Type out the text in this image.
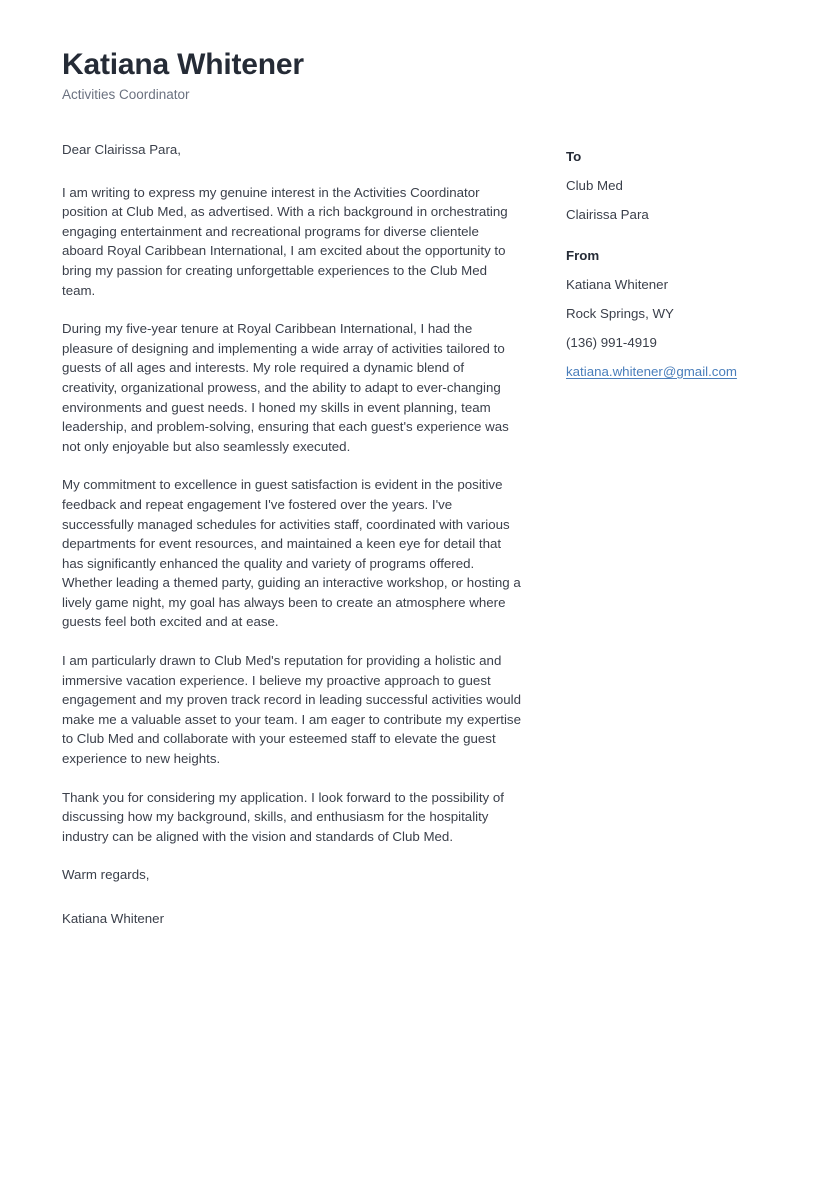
Katiana Whitener
Activities Coordinator

Dear Clairissa Para,

I am writing to express my genuine interest in the Activities Coordinator position at Club Med, as advertised. With a rich background in orchestrating engaging entertainment and recreational programs for diverse clientele aboard Royal Caribbean International, I am excited about the opportunity to bring my passion for creating unforgettable experiences to the Club Med team.

During my five-year tenure at Royal Caribbean International, I had the pleasure of designing and implementing a wide array of activities tailored to guests of all ages and interests. My role required a dynamic blend of creativity, organizational prowess, and the ability to adapt to ever-changing environments and guest needs. I honed my skills in event planning, team leadership, and problem-solving, ensuring that each guest's experience was not only enjoyable but also seamlessly executed.

My commitment to excellence in guest satisfaction is evident in the positive feedback and repeat engagement I've fostered over the years. I've successfully managed schedules for activities staff, coordinated with various departments for event resources, and maintained a keen eye for detail that has significantly enhanced the quality and variety of programs offered. Whether leading a themed party, guiding an interactive workshop, or hosting a lively game night, my goal has always been to create an atmosphere where guests feel both excited and at ease.

I am particularly drawn to Club Med's reputation for providing a holistic and immersive vacation experience. I believe my proactive approach to guest engagement and my proven track record in leading successful activities would make me a valuable asset to your team. I am eager to contribute my expertise to Club Med and collaborate with your esteemed staff to elevate the guest experience to new heights.

Thank you for considering my application. I look forward to the possibility of discussing how my background, skills, and enthusiasm for the hospitality industry can be aligned with the vision and standards of Club Med.

Warm regards,

Katiana Whitener

To
Club Med
Clairissa Para
From
Katiana Whitener
Rock Springs, WY
(136) 991-4919
katiana.whitener@gmail.com
